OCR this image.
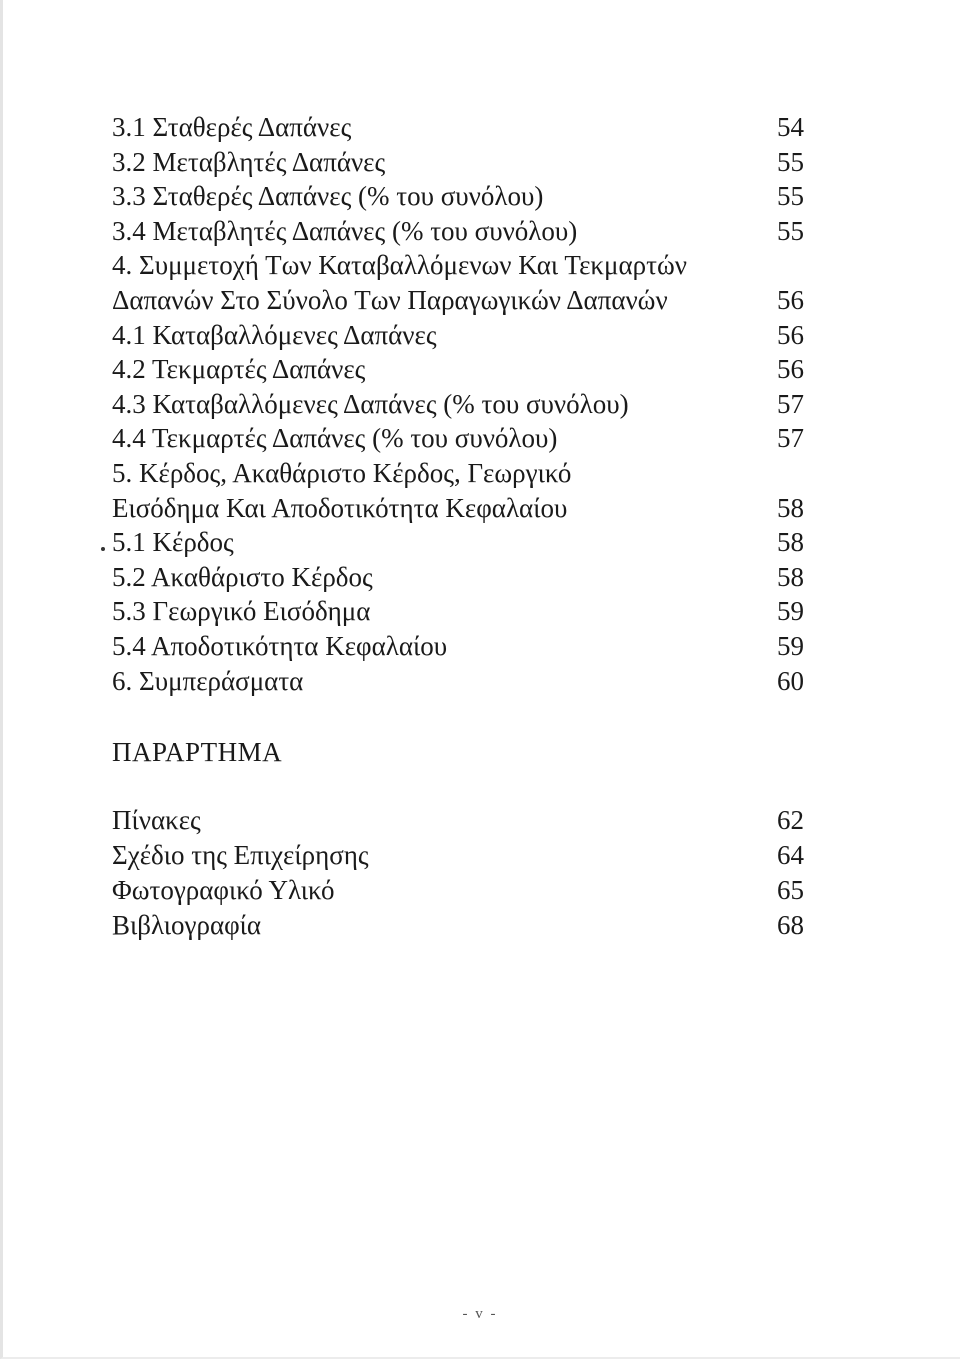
3.1 Σταθερές Δαπάνες	54
3.2 Μεταβλητές Δαπάνες	55
3.3 Σταθερές Δαπάνες (% του συνόλου)	55
3.4 Μεταβλητές Δαπάνες (% του συνόλου)	55
4. Συμμετοχή Των Καταβαλλόμενων Και Τεκμαρτών
Δαπανών Στο Σύνολο Των Παραγωγικών Δαπανών	56
4.1 Καταβαλλόμενες Δαπάνες	56
4.2 Τεκμαρτές Δαπάνες	56
4.3 Καταβαλλόμενες Δαπάνες (% του συνόλου)	57
4.4 Τεκμαρτές Δαπάνες (% του συνόλου)	57
5. Κέρδος, Ακαθάριστο Κέρδος, Γεωργικό
Εισόδημα Και Αποδοτικότητα Κεφαλαίου	58
5.1 Κέρδος	58
5.2 Ακαθάριστο Κέρδος	58
5.3 Γεωργικό Εισόδημα	59
5.4 Αποδοτικότητα Κεφαλαίου	59
6. Συμπεράσματα	60
ΠΑΡΑΡΤΗΜΑ
Πίνακες	62
Σχέδιο της Επιχείρησης	64
Φωτογραφικό Υλικό	65
Βιβλιογραφία	68
- v -
